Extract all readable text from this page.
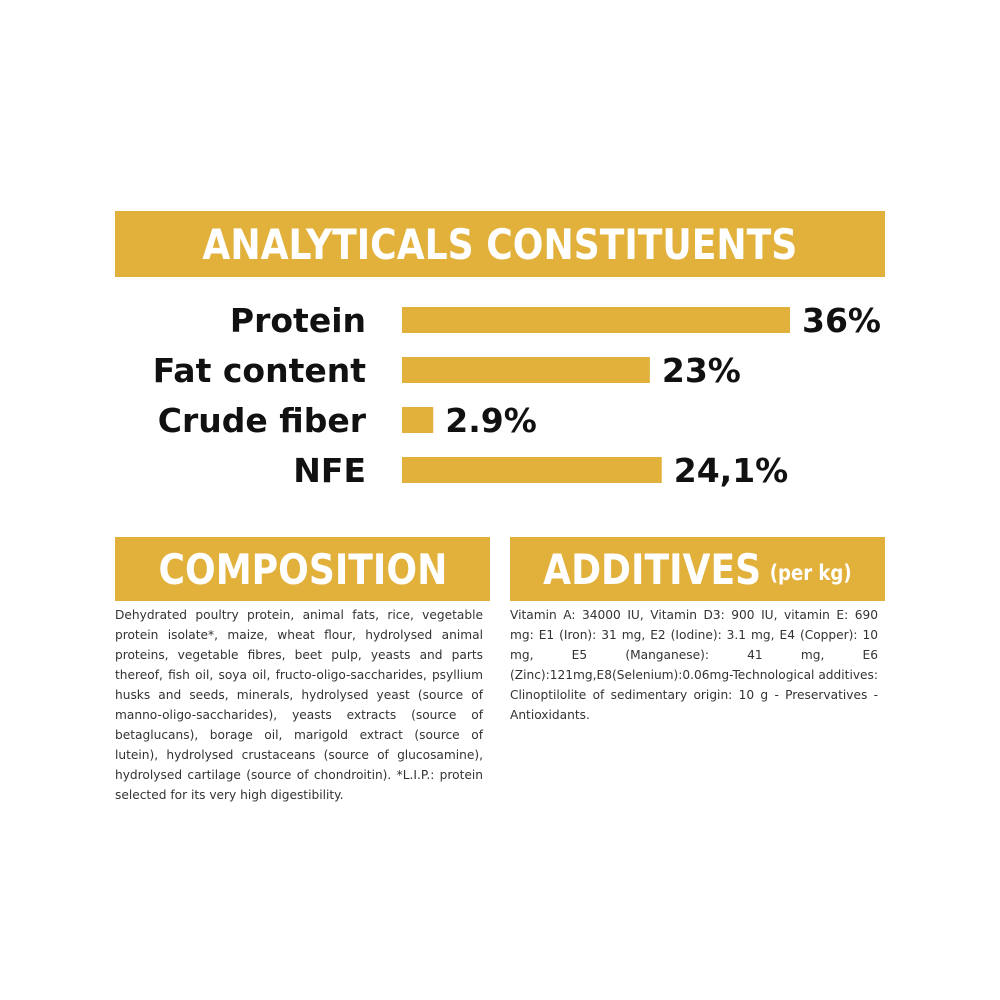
ANALYTICALS CONSTITUENTS
Protein	36%
Fat content	23%
Crude fiber 2.9%
NFE	24,1%
COMPOSITION ADDITIVES (per kg)
Dehydrated poultry protein, animal fats, rice, vegetable protein isolate*, maize, wheat flour, hydrolysed animal proteins, vegetable fibres, beet pulp, yeasts and parts thereof, fish oil, soya oil, fructo-oligo-saccharides, psyllium husks and seeds, minerals, hydrolysed yeast (source of manno-oligo-saccharides), yeasts extracts (source of betaglucans), borage oil, marigold extract (source of lutein), hydrolysed crustaceans (source of glucosamine), hydrolysed cartilage (source of chondroitin). *L.I.P.: protein selected for its very high digestibility.
Vitamin A: 34000 IU, Vitamin D3: 900 IU, vitamin E: 690 mg: E1 (Iron): 31 mg, E2 (Iodine): 3.1 mg, E4 (Copper): 10 mg, E5 (Manganese): 41 mg, E6 (Zinc):121mg,E8(Selenium):0.06mg-Technological additives: Clinoptilolite of sedimentary origin: 10 g - Preservatives - Antioxidants.
